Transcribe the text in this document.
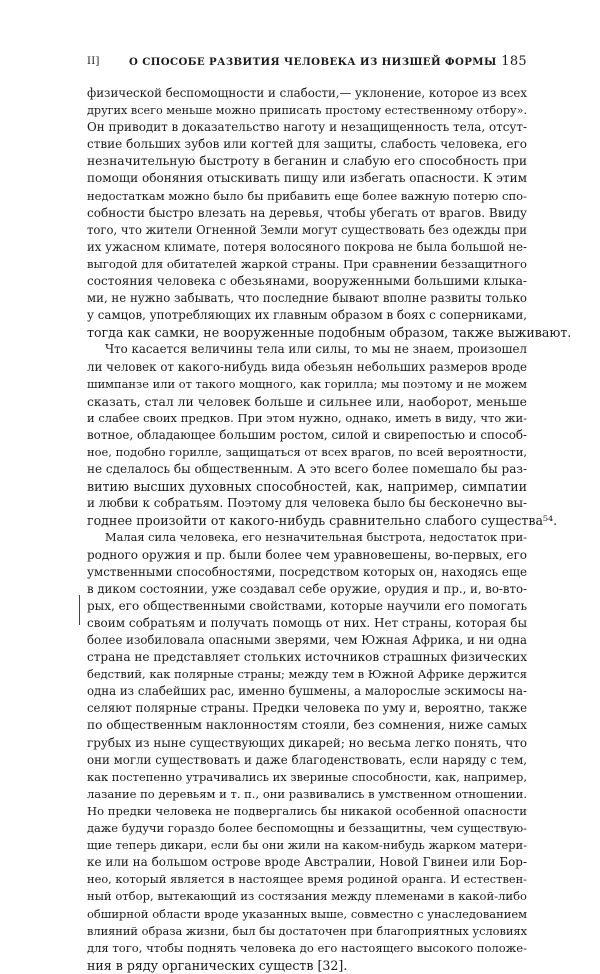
II]	О СПОСОБЕ РАЗВИТИЯ ЧЕЛОВЕКА ИЗ НИЗШЕЙ ФОРМЫ 185
физической беспомощности и слабости,— уклонение, которое из всех
других всего меньше можно приписать простому естественному отбору».
Он приводит в доказательство наготу и незащищенность тела, отсут-
ствие больших зубов или когтей для защиты, слабость человека, его
незначительную быстроту в беганин и слабую его способность при
помощи обоняния отыскивать пищу или избегать опасности. К этим
недостаткам можно было бы прибавить еще более важную потерю спо-
собности быстро влезать на деревья, чтобы убегать от врагов. Ввиду
того, что жители Огненной Земли могут существовать без одежды при
их ужасном климате, потеря волосяного покрова не была большой не-
выгодой для обитателей жаркой страны. При сравнении беззащитного
состояния человека с обезьянами, вооруженными большими клыка-
ми, не нужно забывать, что последние бывают вполне развиты только
у самцов, употребляющих их главным образом в боях с соперниками,
тогда как самки, не вооруженные подобным образом, также выживают.
Что касается величины тела или силы, то мы не знаем, произошел
ли человек от какого-нибудь вида обезьян небольших размеров вроде
шимпанзе или от такого мощного, как горилла; мы поэтому и не можем
сказать, стал ли человек больше и сильнее или, наоборот, меньше
и слабее своих предков. При этом нужно, однако, иметь в виду, что жи-
вотное, обладающее большим ростом, силой и свирепостью и способ-
ное, подобно горилле, защищаться от всех врагов, по всей вероятности,
не сделалось бы общественным. А это всего более помешало бы раз-
витию высших духовных способностей, как, например, симпатии
и любви к собратьям. Поэтому для человека было бы бесконечно вы-
годнее произойти от какого-нибудь сравнительно слабого существа⁵⁴.
Малая сила человека, его незначительная быстрота, недостаток при-
родного оружия и пр. были более чем уравновешены, во-первых, его
умственными способностями, посредством которых он, находясь еще
в диком состоянии, уже создавал себе оружие, орудия и пр., и, во-вто-
рых, его общественными свойствами, которые научили его помогать
своим собратьям и получать помощь от них. Нет страны, которая бы
более изобиловала опасными зверями, чем Южная Африка, и ни одна
страна не представляет стольких источников страшных физических
бедствий, как полярные страны; между тем в Южной Африке держится
одна из слабейших рас, именно бушмены, а малорослые эскимосы на-
селяют полярные страны. Предки человека по уму и, вероятно, также
по общественным наклонностям стояли, без сомнения, ниже самых
грубых из ныне существующих дикарей; но весьма легко понять, что
они могли существовать и даже благоденствовать, если наряду с тем,
как постепенно утрачивались их звериные способности, как, например,
лазание по деревьям и т. п., они развивались в умственном отношении.
Но предки человека не подвергались бы никакой особенной опасности
даже будучи гораздо более беспомощны и беззащитны, чем существую-
щие теперь дикари, если бы они жили на каком-нибудь жарком матери-
ке или на большом острове вроде Австралии, Новой Гвинеи или Бор-
нео, который является в настоящее время родиной оранга. И естествен-
ный отбор, вытекающий из состязания между племенами в какой-либо
обширной области вроде указанных выше, совместно с унаследованием
влияний образа жизни, был бы достаточен при благоприятных условиях
для того, чтобы поднять человека до его настоящего высокого положе-
ния в ряду органических существ [32].
